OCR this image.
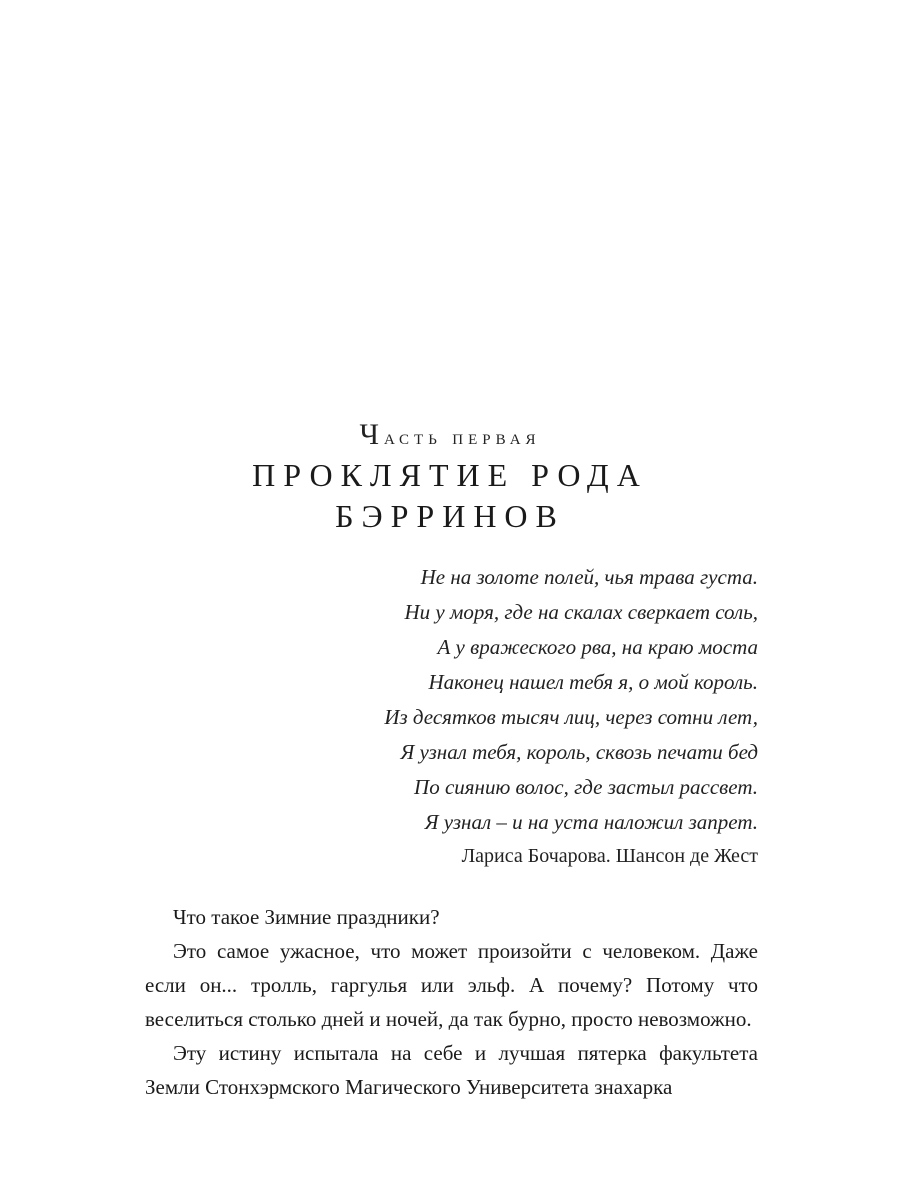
Часть первая
ПРОКЛЯТИЕ РОДА
БЭРРИНОВ
Не на золоте полей, чья трава густа.
Ни у моря, где на скалах сверкает соль,
А у вражеского рва, на краю моста
Наконец нашел тебя я, о мой король.
Из десятков тысяч лиц, через сотни лет,
Я узнал тебя, король, сквозь печати бед
По сиянию волос, где застыл рассвет.
Я узнал – и на уста наложил запрет.
Лариса Бочарова. Шансон де Жест

Что такое Зимние праздники?

Это самое ужасное, что может произойти с человеком. Даже если он... тролль, гаргулья или эльф. А почему? Потому что веселиться столько дней и ночей, да так бурно, просто невозможно.

Эту истину испытала на себе и лучшая пятерка факультета Земли Стонхэрмского Магического Университета знахарка
